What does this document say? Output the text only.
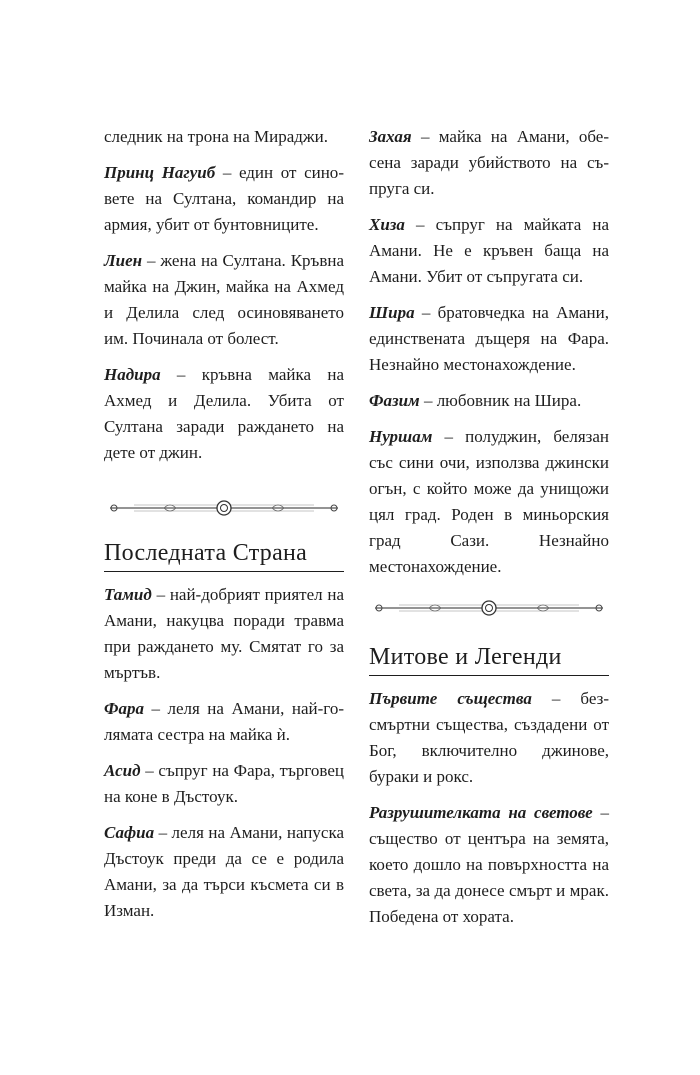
следник на трона на Мираджи.

Принц Нагуиб – един от синовете на Султана, командир на армия, убит от бунтовниците.

Лиен – жена на Султана. Кръвна майка на Джин, майка на Ахмед и Делила след осиновяването им. Починала от болест.

Надира – кръвна майка на Ахмед и Делила. Убита от Султана заради раждането на дете от джин.

Последната Страна

Тамид – най-добрият приятел на Амани, накуцва поради травма при раждането му. Смятат го за мъртъв.

Фара – леля на Амани, най-голямата сестра на майка ѝ.

Асид – съпруг на Фара, търговец на коне в Дъстоук.

Сафиа – леля на Амани, напуска Дъстоук преди да се е родила Амани, за да търси късмета си в Изман.

Захая – майка на Амани, обесена заради убийството на съпруга си.

Хиза – съпруг на майката на Амани. Не е кръвен баща на Амани. Убит от съпругата си.

Шира – братовчедка на Амани, единствената дъщеря на Фара. Незнайно местонахождение.

Фазим – любовник на Шира.

Нуршам – полуджин, белязан със сини очи, използва джински огън, с който може да унищожи цял град. Роден в миньорския град Сази. Незнайно местонахождение.

Митове и Легенди

Първите същества – безсмъртни същества, създадени от Бог, включително джинове, бураки и рокс.

Разрушителката на светове – същество от центъра на земята, което дошло на повърхността на света, за да донесе смърт и мрак. Победена от хората.
